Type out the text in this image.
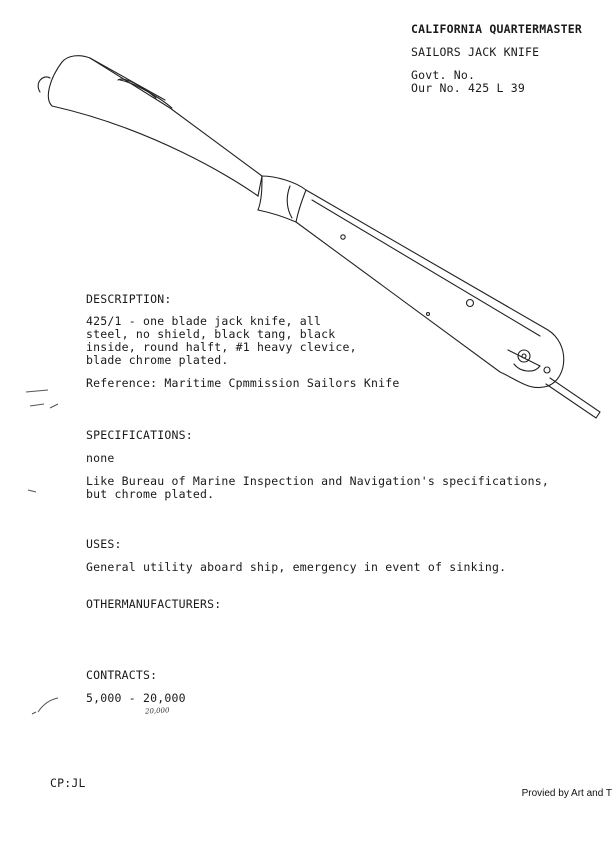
CALIFORNIA QUARTERMASTER
SAILORS JACK KNIFE
Govt. No.
Our No. 425 L 39
DESCRIPTION:
425/1 - one blade jack knife, all
steel, no shield, black tang, black
inside, round halft, #1 heavy clevice,
blade chrome plated.
Reference: Maritime Cpmmission Sailors Knife
SPECIFICATIONS:
none
Like Bureau of Marine Inspection and Navigation's specifications,
but chrome plated.
USES:
General utility aboard ship, emergency in event of sinking.
OTHERMANUFACTURERS:
CONTRACTS:
5,000 - 20,000
20,000
CP:JL
Provied by Art and T
